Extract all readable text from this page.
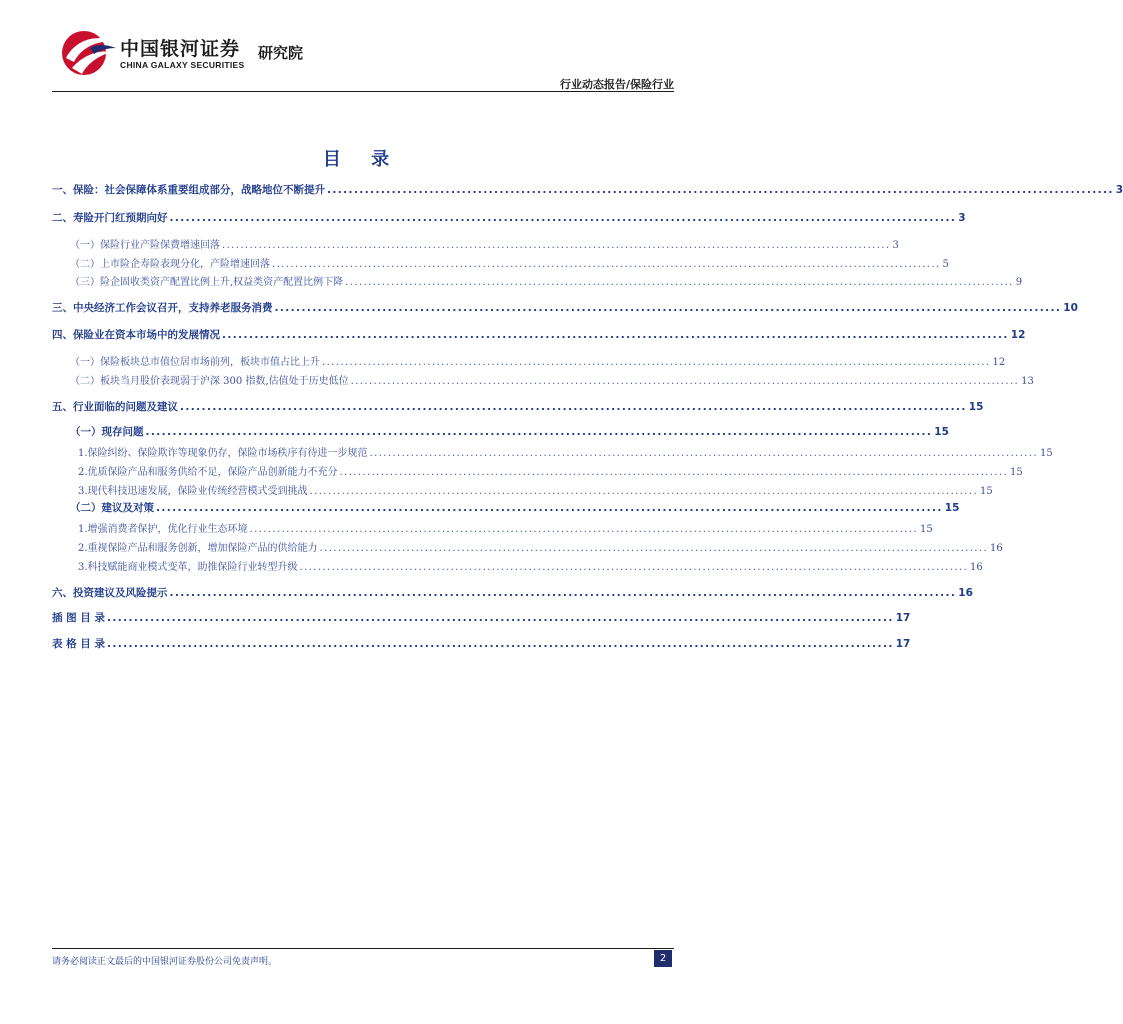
中国银河证券
CHINA GALAXY SECURITIES
研究院
行业动态报告/保险行业
目 录
一、保险：社会保障体系重要组成部分，战略地位不断提升 .................................................................................................................................................. 3
二、寿险开门红预期向好 .................................................................................................................................................. 3
（一）保险行业产险保费增速回落 .................................................................................................................................................. 3
（二）上市险企寿险表现分化，产险增速回落 .................................................................................................................................................. 5
（三）险企固收类资产配置比例上升,权益类资产配置比例下降 .................................................................................................................................................. 9
三、中央经济工作会议召开，支持养老服务消费 .................................................................................................................................................. 10
四、保险业在资本市场中的发展情况 .................................................................................................................................................. 12
（一）保险板块总市值位居市场前列，板块市值占比上升 .................................................................................................................................................. 12
（二）板块当月股价表现弱于沪深 300 指数,估值处于历史低位 .................................................................................................................................................. 13
五、行业面临的问题及建议 .................................................................................................................................................. 15
（一）现存问题 .................................................................................................................................................. 15
1.保险纠纷、保险欺诈等现象仍存，保险市场秩序有待进一步规范 .................................................................................................................................................. 15
2.优质保险产品和服务供给不足，保险产品创新能力不充分 .................................................................................................................................................. 15
3.现代科技迅速发展，保险业传统经营模式受到挑战 .................................................................................................................................................. 15
（二）建议及对策 .................................................................................................................................................. 15
1.增强消费者保护，优化行业生态环境 .................................................................................................................................................. 15
2.重视保险产品和服务创新，增加保险产品的供给能力 .................................................................................................................................................. 16
3.科技赋能商业模式变革，助推保险行业转型升级 .................................................................................................................................................. 16
六、投资建议及风险提示 .................................................................................................................................................. 16
插 图 目 录 .................................................................................................................................................. 17
表 格 目 录 .................................................................................................................................................. 17
请务必阅读正文最后的中国银河证券股份公司免责声明。	2
